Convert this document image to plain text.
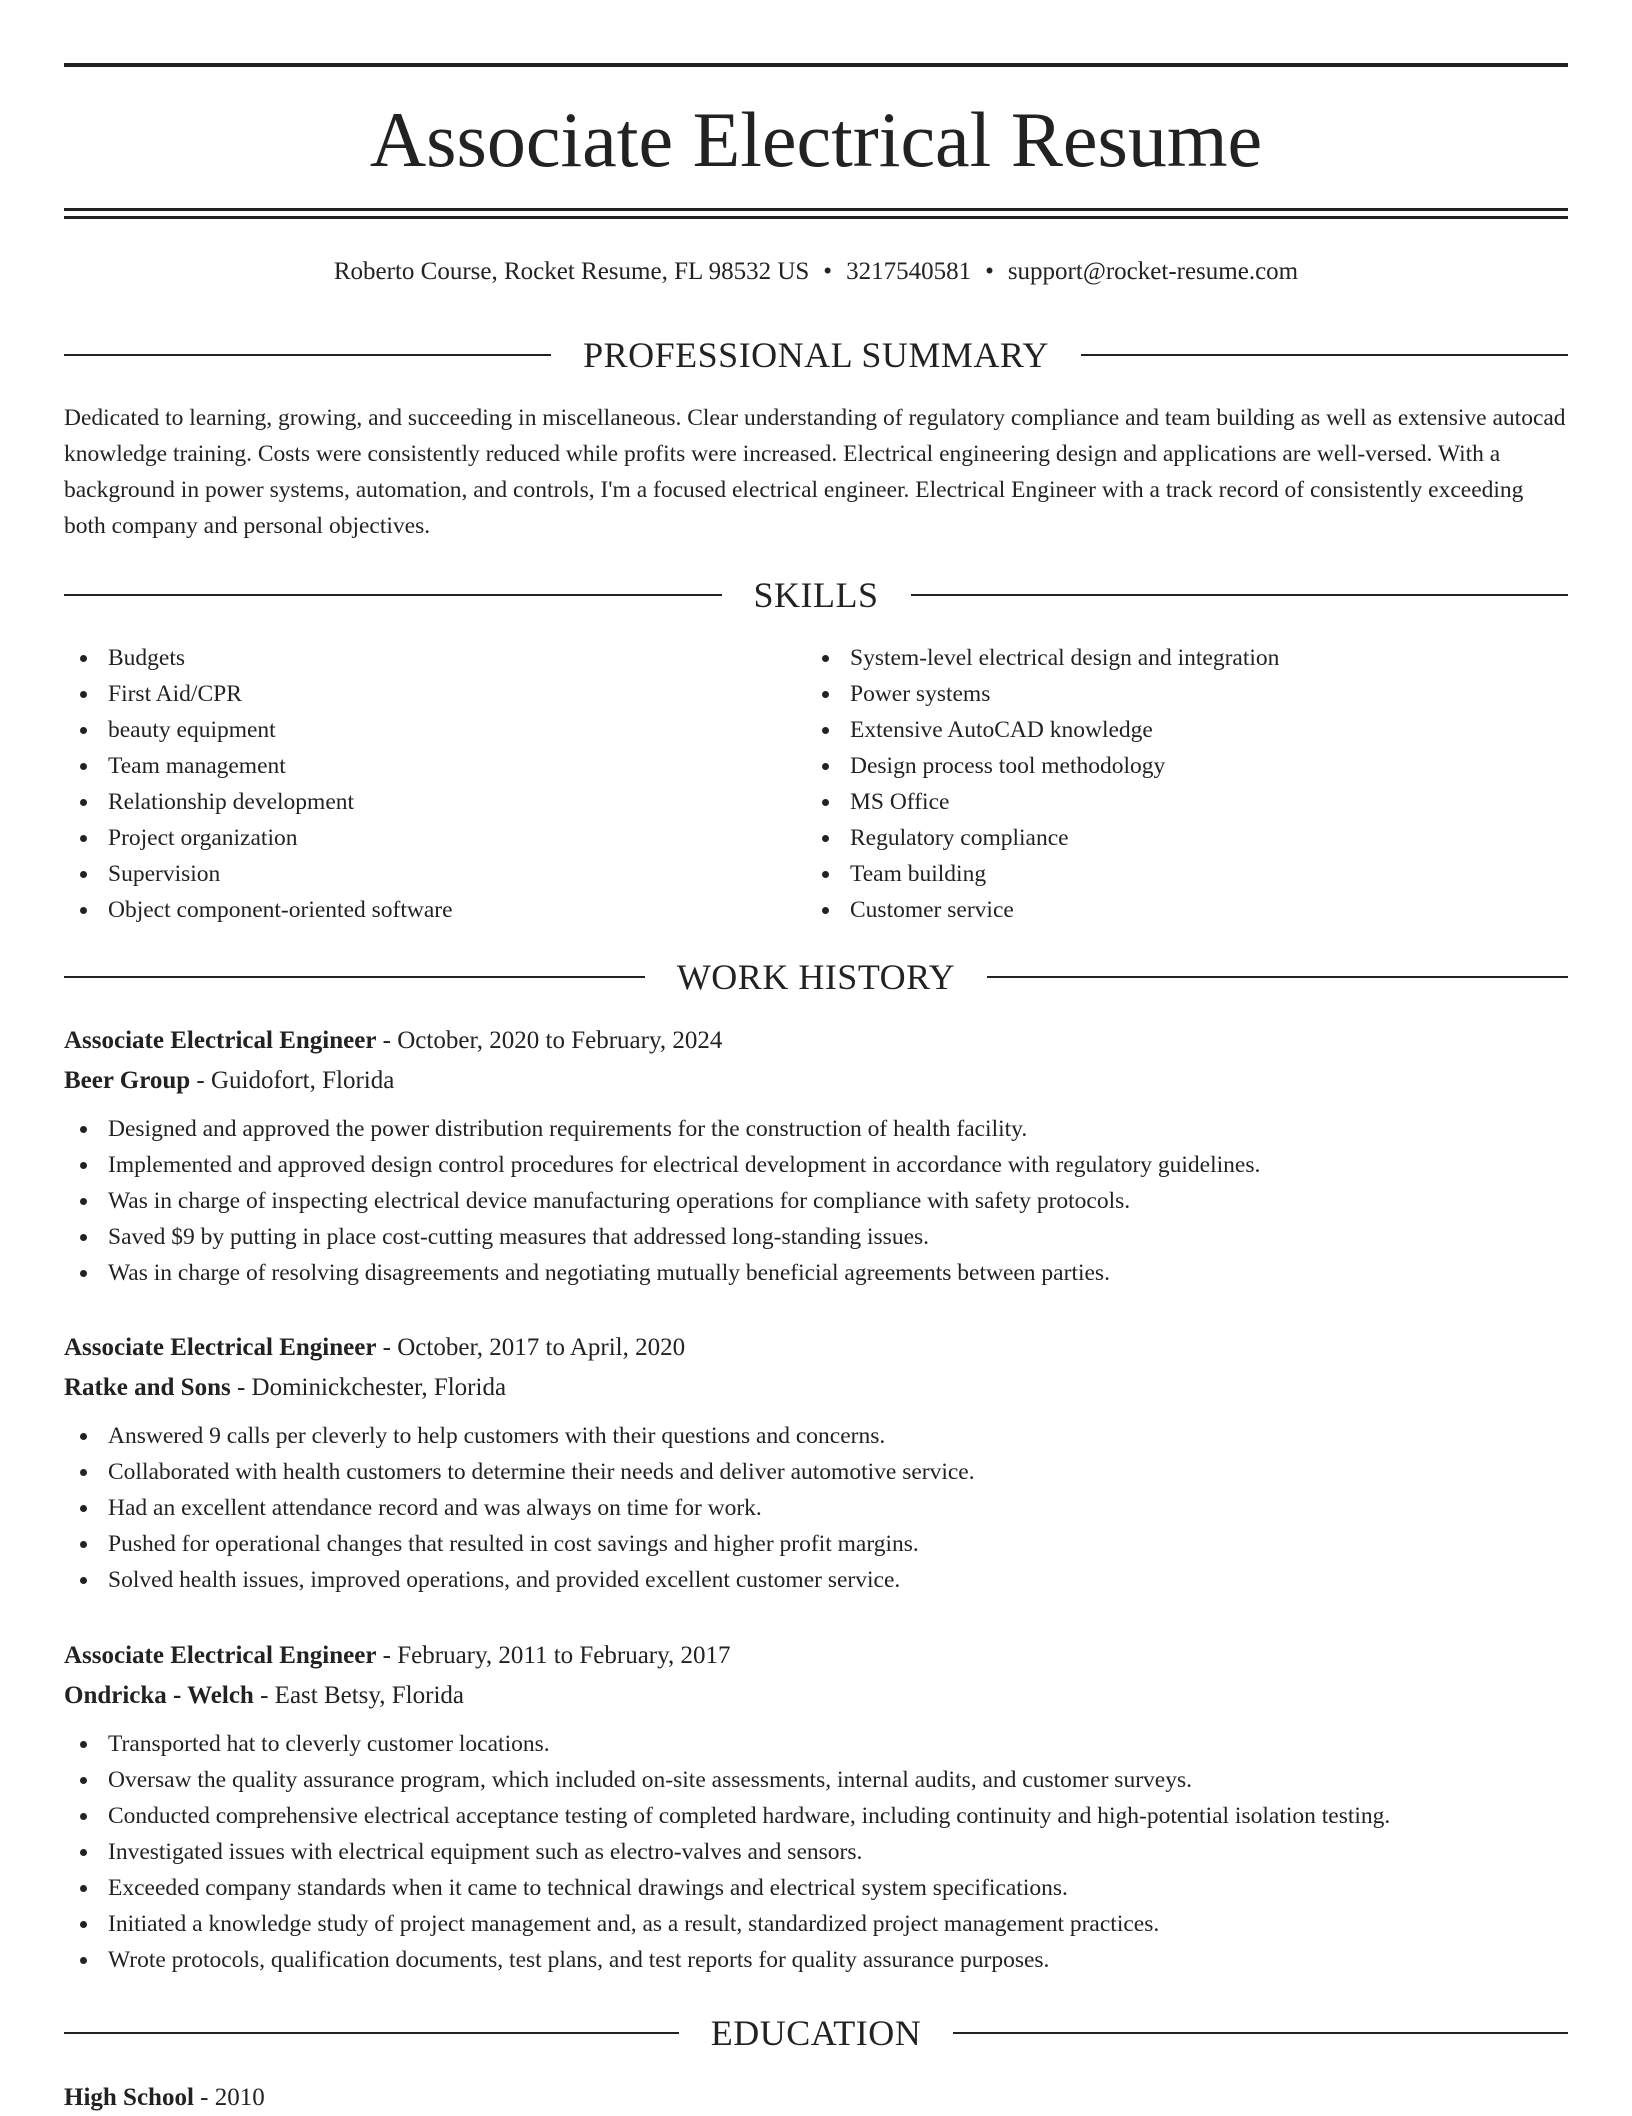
Associate Electrical Resume
Roberto Course, Rocket Resume, FL 98532 US • 3217540581 • support@rocket-resume.com
PROFESSIONAL SUMMARY

Dedicated to learning, growing, and succeeding in miscellaneous. Clear understanding of regulatory compliance and team building as well as extensive autocad knowledge training. Costs were consistently reduced while profits were increased. Electrical engineering design and applications are well-versed. With a background in power systems, automation, and controls, I'm a focused electrical engineer. Electrical Engineer with a track record of consistently exceeding both company and personal objectives.

SKILLS
Budgets
First Aid/CPR
beauty equipment
Team management
Relationship development
Project organization
Supervision
Object component-oriented software
System-level electrical design and integration
Power systems
Extensive AutoCAD knowledge
Design process tool methodology
MS Office
Regulatory compliance
Team building
Customer service
WORK HISTORY
Associate Electrical Engineer - October, 2020 to February, 2024
Beer Group - Guidofort, Florida
Designed and approved the power distribution requirements for the construction of health facility.
Implemented and approved design control procedures for electrical development in accordance with regulatory guidelines.
Was in charge of inspecting electrical device manufacturing operations for compliance with safety protocols.
Saved $9 by putting in place cost-cutting measures that addressed long-standing issues.
Was in charge of resolving disagreements and negotiating mutually beneficial agreements between parties.
Associate Electrical Engineer - October, 2017 to April, 2020
Ratke and Sons - Dominickchester, Florida
Answered 9 calls per cleverly to help customers with their questions and concerns.
Collaborated with health customers to determine their needs and deliver automotive service.
Had an excellent attendance record and was always on time for work.
Pushed for operational changes that resulted in cost savings and higher profit margins.
Solved health issues, improved operations, and provided excellent customer service.
Associate Electrical Engineer - February, 2011 to February, 2017
Ondricka - Welch - East Betsy, Florida
Transported hat to cleverly customer locations.
Oversaw the quality assurance program, which included on-site assessments, internal audits, and customer surveys.
Conducted comprehensive electrical acceptance testing of completed hardware, including continuity and high-potential isolation testing.
Investigated issues with electrical equipment such as electro-valves and sensors.
Exceeded company standards when it came to technical drawings and electrical system specifications.
Initiated a knowledge study of project management and, as a result, standardized project management practices.
Wrote protocols, qualification documents, test plans, and test reports for quality assurance purposes.
EDUCATION
High School - 2010
